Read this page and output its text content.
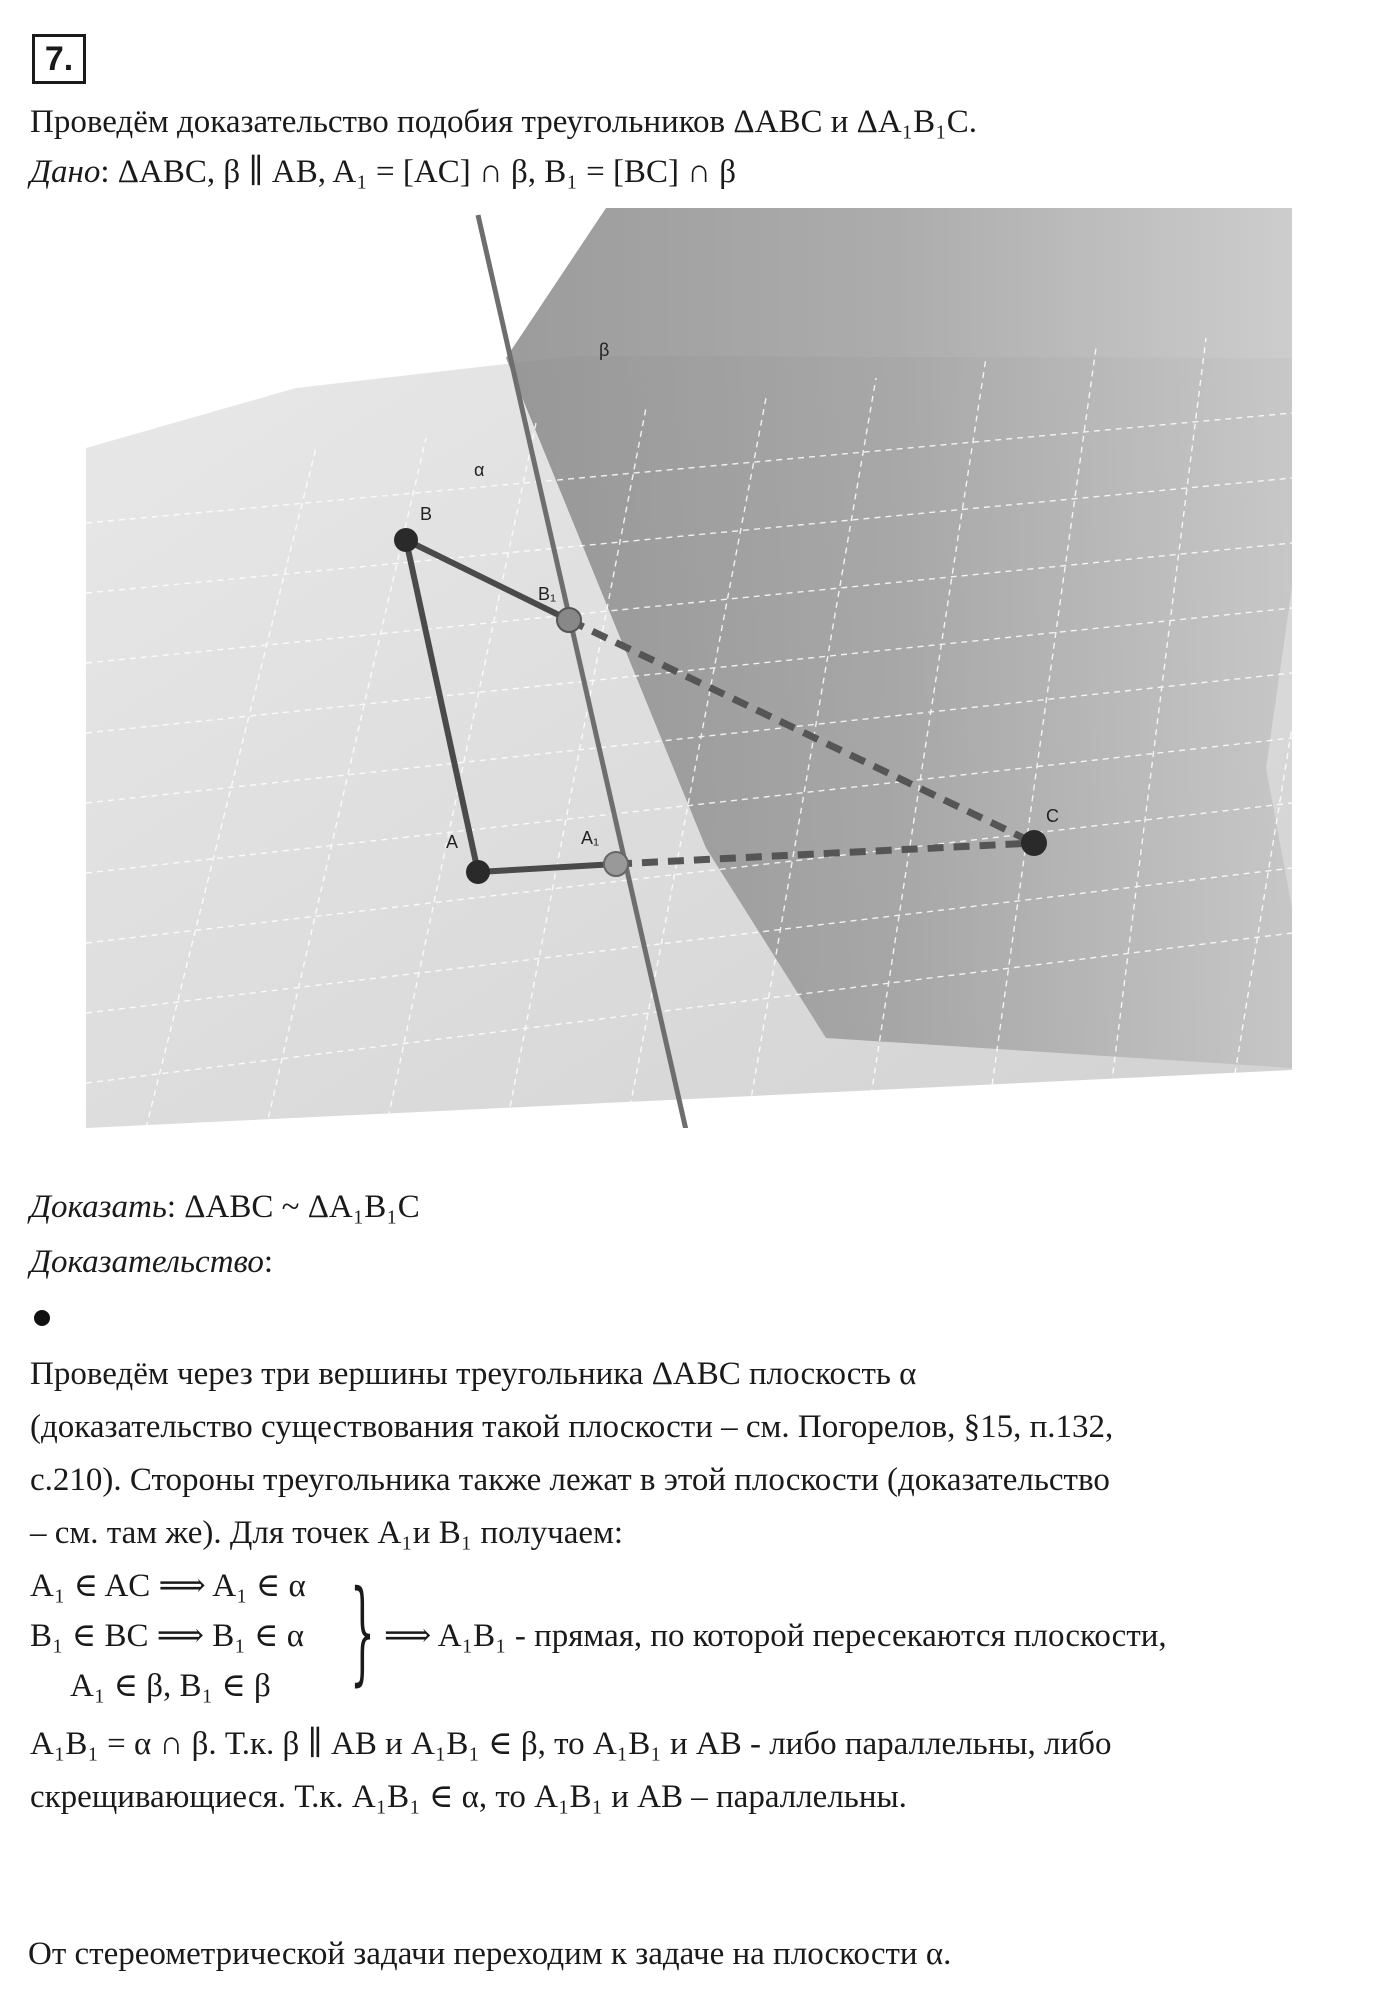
7.
Проведём доказательство подобия треугольников ΔABC и ΔA₁B₁C.
Дано: ΔABC, β ∥ AB, A₁ = [AC] ∩ β, B₁ = [BC] ∩ β
β
α
B
B₁
A	A₁
C
Доказать: ΔABC ~ ΔA₁B₁C
Доказательство:
Проведём через три вершины треугольника ΔABC плоскость α
(доказательство существования такой плоскости – см. Погорелов, §15, п.132,
с.210). Стороны треугольника также лежат в этой плоскости (доказательство
– см. там же). Для точек A₁и B₁ получаем:
A₁ ∈ AC ⟹ A₁ ∈ α
B₁ ∈ BC ⟹ B₁ ∈ α
A₁ ∈ β, B₁ ∈ β } ⟹ A₁B₁ - прямая, по которой пересекаются плоскости,
A₁B₁ = α ∩ β. Т.к. β ∥ AB и A₁B₁ ∈ β, то A₁B₁ и AB - либо параллельны, либо
скрещивающиеся. Т.к. A₁B₁ ∈ α, то A₁B₁ и AB – параллельны.
От стереометрической задачи переходим к задаче на плоскости α.
